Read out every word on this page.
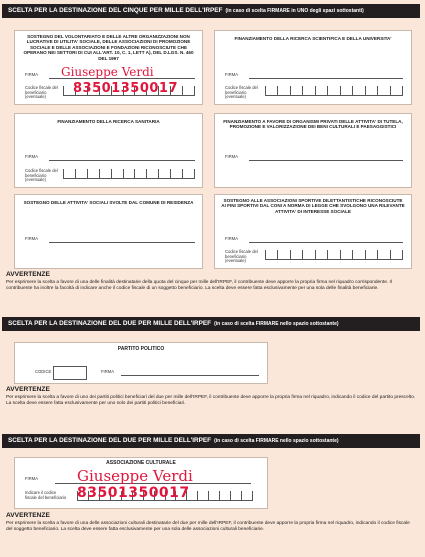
SCELTA PER LA DESTINAZIONE DEL CINQUE PER MILLE DELL'IRPEF (in caso di scelta FIRMARE in UNO degli spazi sottostanti)
SOSTEGNO DEL VOLONTARIATO E DELLE ALTRE ORGANIZZAZIONI NON LUCRATIVE DI UTILITA' SOCIALE, DELLE ASSOCIAZIONI DI PROMOZIONE SOCIALE E DELLE ASSOCIAZIONI E FONDAZIONI RICONOSCIUTE CHE OPERANO NEI SETTORI DI CUI ALL'ART. 10, C. 1, LETT A), DEL D.LGS. N. 460 DEL 1997
FIRMA
Codice fiscale del beneficiario (eventuale)
Giuseppe Verdi
83501350017
FINANZIAMENTO DELLA RICERCA SCIENTIFICA E DELLA UNIVERSITA'
FIRMA
Codice fiscale del beneficiario (eventuale)
FINANZIAMENTO DELLA RICERCA SANITARIA
FIRMA
Codice fiscale del beneficiario (eventuale)
FINANZIAMENTO A FAVORE DI ORGANISMI PRIVATI DELLE ATTIVITA' DI TUTELA, PROMOZIONE E VALORIZZAZIONE DEI BENI CULTURALI E PAESAGGISTICI
FIRMA
SOSTEGNO DELLE ATTIVITA' SOCIALI SVOLTE DAL COMUNE DI RESIDENZA
FIRMA
SOSTEGNO ALLE ASSOCIAZIONI SPORTIVE DILETTANTISTICHE RICONOSCIUTE AI FINI SPORTIVI DAL CONI A NORMA DI LEGGE CHE SVOLGONO UNA RILEVANTE ATTIVITA' DI INTERESSE SOCIALE
FIRMA
Codice fiscale del beneficiario (eventuale)
AVVERTENZE
Per esprimere la scelta a favore di una delle finalità destinatarie della quota del cinque per mille dell'IRPEF, il contribuente deve apporre la propria firma nel riquadro corrispondente. Il contribuente ha inoltre la facoltà di indicare anche il codice fiscale di un soggetto beneficiario. La scelta deve essere fatta esclusivamente per una sola delle finalità beneficiarie.
SCELTA PER LA DESTINAZIONE DEL DUE PER MILLE DELL'IRPEF (in caso di scelta FIRMARE nello spazio sottostante)
PARTITO POLITICO
CODICE	FIRMA
AVVERTENZE
Per esprimere la scelta a favore di uno dei partiti politici beneficiari del due per mille dell'IRPEF, il contribuente deve apporre la propria firma nel riquadro, indicando il codice del partito prescelto. La scelta deve essere fatta esclusivamente per uno solo dei partiti politici beneficiari.
SCELTA PER LA DESTINAZIONE DEL DUE PER MILLE DELL'IRPEF (in caso di scelta FIRMARE nello spazio sottostante)
ASSOCIAZIONE CULTURALE
FIRMA
Indicare il codice fiscale del beneficiario
Giuseppe Verdi
83501350017
AVVERTENZE
Per esprimere la scelta a favore di una delle associazioni culturali destinatarie del due per mille dell'IRPEF, il contribuente deve apporre la propria firma nel riquadro, indicando il codice fiscale del soggetto beneficiario. La scelta deve essere fatta esclusivamente per una sola delle associazioni culturali beneficiarie.
